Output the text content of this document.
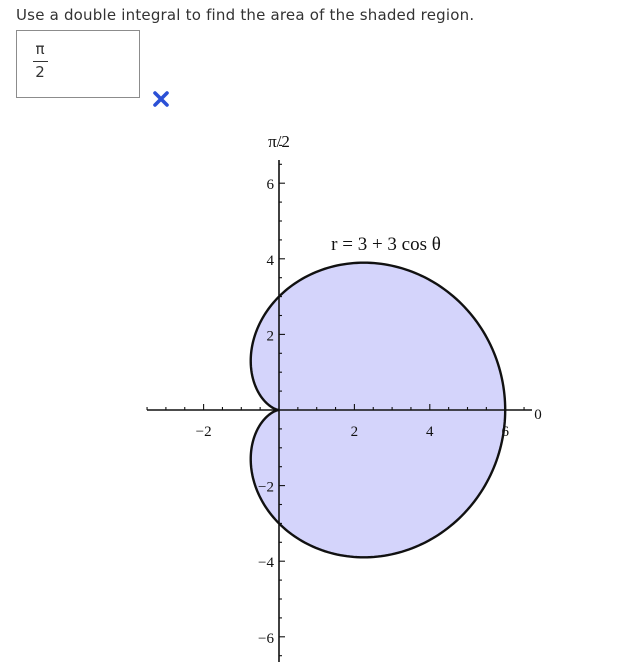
Use a double integral to find the area of the shaded region.
π
2
−2	2	4	6
6
4
2
−2
−4
−6
r = 3 + 3 cos θ
π/2
0
